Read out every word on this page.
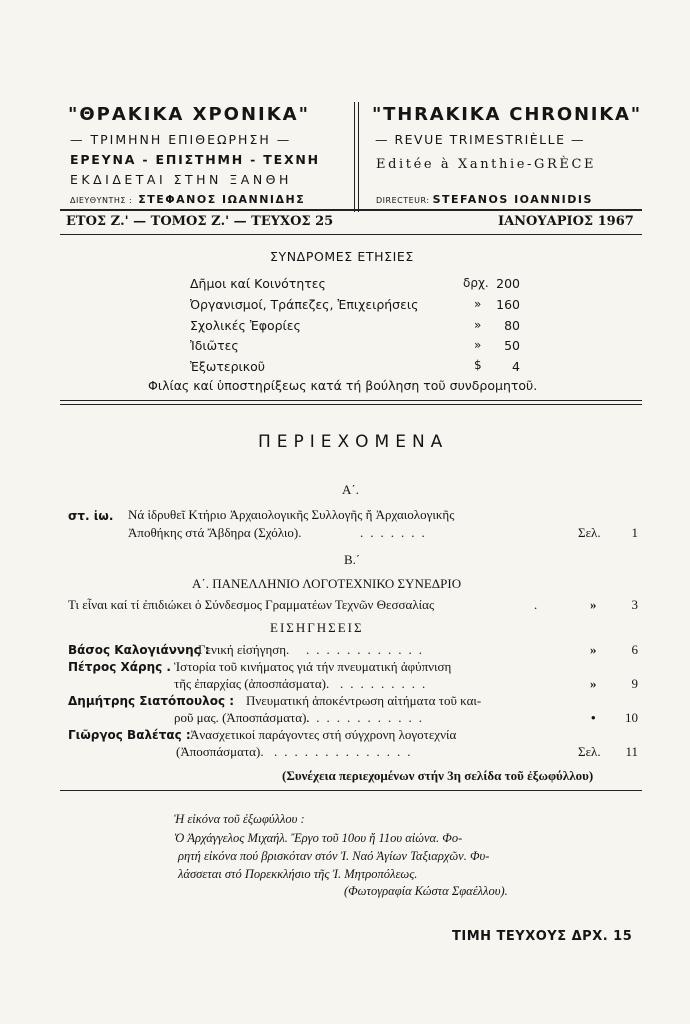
"ΘΡΑΚΙΚΑ ΧΡΟΝΙΚΑ"
— ΤΡΙΜΗΝΗ ΕΠΙΘΕΩΡΗΣΗ —
ΕΡΕΥΝΑ - ΕΠΙΣΤΗΜΗ - ΤΕΧΝΗ
ΕΚΔΙΔΕΤΑΙ ΣΤΗΝ ΞΑΝΘΗ
ΔΙΕΥΘΥΝΤΗΣ : ΣΤΕΦΑΝΟΣ ΙΩΑΝΝΙΔΗΣ
"THRAKIKA CHRONIKA"
— REVUE TRIMESTRIÈLLE —
Editée à Xanthie-GRÈCE
DIRECTEUR: STEFANOS IOANNIDIS
ΕΤΟΣ Ζ.' — ΤΟΜΟΣ Ζ.' — ΤΕΥΧΟΣ 25	ΙΑΝΟΥΑΡΙΟΣ 1967
ΣΥΝΔΡΟΜΕΣ ΕΤΗΣΙΕΣ
Δῆμοι καί Κοινότητες	δρχ. 200
Ὀργανισμοί, Τράπεζες, Ἐπιχειρήσεις	»	160
Σχολικές Ἐφορίες	»	80
Ἰδιῶτες	»	50
Ἐξωτερικοῦ	$	4
Φιλίας καί ὑποστηρίξεως κατά τή βούληση τοῦ συνδρομητοῦ.
ΠΕΡΙΕΧΟΜΕΝΑ
Α΄.
στ. ἰω. Νά ἱδρυθεῖ Κτήριο Ἀρχαιολογικῆς Συλλογῆς ἤ Ἀρχαιολογικῆς
Ἀποθήκης στά Ἄβδηρα (Σχόλιο).	.......	Σελ.	1
Β.΄
Α΄. ΠΑΝΕΛΛΗΝΙΟ ΛΟΓΟΤΕΧΝΙΚΟ ΣΥΝΕΔΡΙΟ
Τι εἶναι καί τί ἐπιδιώκει ὁ Σύνδεσμος Γραμματέων Τεχνῶν Θεσσαλίας	.	»	3
ΕΙΣΗΓΗΣΕΙΣ
Βάσος Καλογιάννης :
Γενική εἰσήγηση. ............	»	6
Πέτρος Χάρης . Ἱστορία τοῦ κινήματος γιά τήν πνευματική ἀφύπνιση
τῆς ἐπαρχίας (ἀποσπάσματα). .........	»	9
Δημήτρης Σιατόπουλος : Πνευματική ἀποκέντρωση αἰτήματα τοῦ και-
ροῦ μας. (Ἀποσπάσματα).
............	•	10
Γιῶργος Βαλέτας : Ἀνασχετικοί παράγοντες στή σύγχρονη λογοτεχνία
(Ἀποσπάσματα). ..............	Σελ.	11
(Συνέχεια περιεχομένων στήν 3η σελίδα τοῦ ἐξωφύλλου)
Ἡ εἰκόνα τοῦ ἐξωφύλλου :
Ὁ Ἀρχάγγελος Μιχαήλ. Ἔργο τοῦ 10ου ἤ 11ου αἰώνα. Φο-
ρητή εἰκόνα πού βρισκόταν στόν Ἰ. Ναό Ἀγίων Ταξιαρχῶν. Φυ-
λάσσεται στό Πορεκκλήσιο τῆς Ἰ. Μητροπόλεως.
(Φωτογραφία Κώστα Σφαέλλου).
ΤΙΜΗ ΤΕΥΧΟΥΣ ΔΡΧ. 15
